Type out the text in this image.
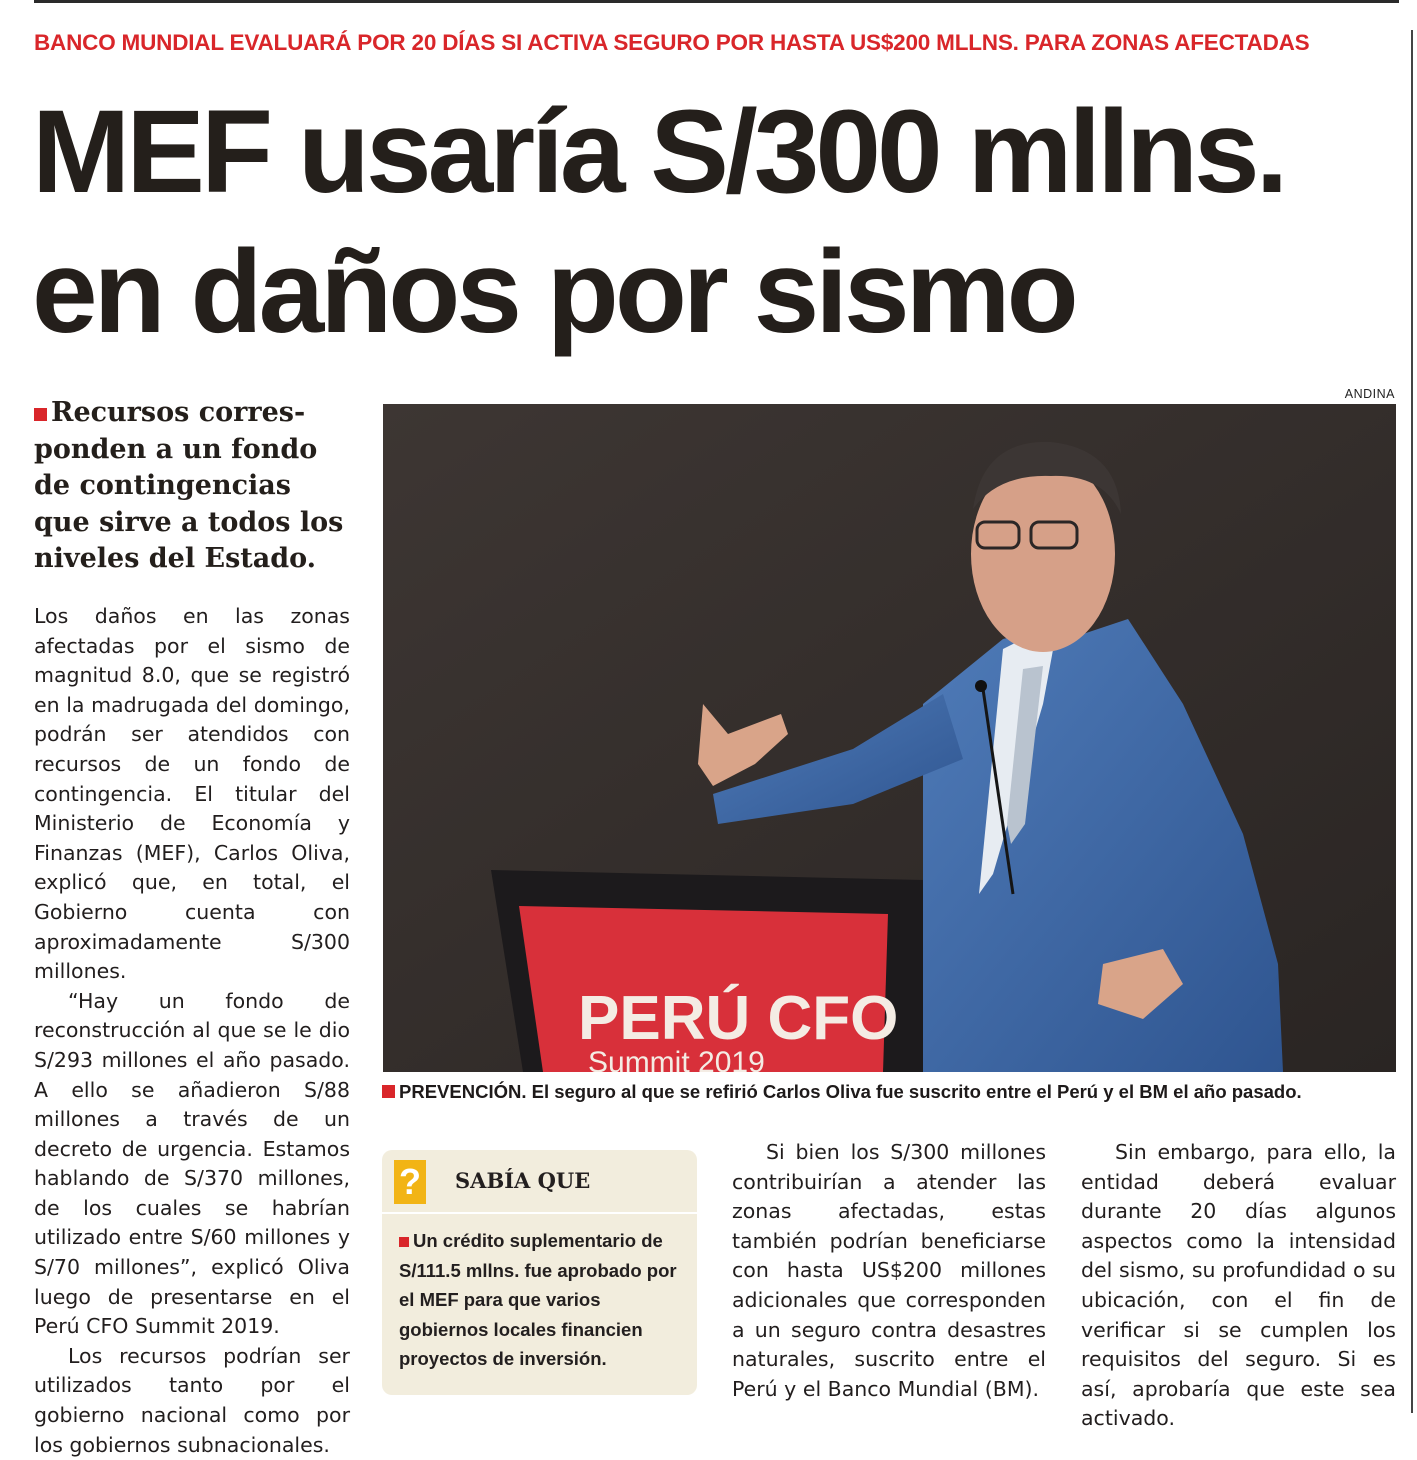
BANCO MUNDIAL EVALUARÁ POR 20 DÍAS SI ACTIVA SEGURO POR HASTA US$200 MLLNS. PARA ZONAS AFECTADAS
MEF usaría S/300 mllns.
en daños por sismo

Recursos corres-

ponden a un fondo

de contingencias

que sirve a todos los

niveles del Estado.

Los daños en las zonas afectadas por el sismo de magnitud 8.0, que se registró en la madrugada del domingo, podrán ser atendidos con recursos de un fondo de contingencia. El titular del Ministerio de Economía y Finanzas (MEF), Carlos Oliva, explicó que, en total, el Gobierno cuenta con aproximadamente S/300 millones.

“Hay un fondo de reconstrucción al que se le dio S/293 millones el año pasado. A ello se añadieron S/88 millones a través de un decreto de urgencia. Estamos hablando de S/370 millones, de los cuales se habrían utilizado entre S/60 millones y S/70 millones”, explicó Oliva luego de presentarse en el Perú CFO Summit 2019.

Los recursos podrían ser utilizados tanto por el gobierno nacional como por los gobiernos subnacionales.

ANDINA
PERÚ CFO
Summit 2019
PREVENCIÓN. El seguro al que se refirió Carlos Oliva fue suscrito entre el Perú y el BM el año pasado.
? SABÍA QUE
Un crédito suplementario de S/111.5 mllns. fue aprobado por el MEF para que varios gobiernos locales financien proyectos de inversión.

Si bien los S/300 millones contribuirían a atender las zonas afectadas, estas también podrían beneficiarse con hasta US$200 millones adicionales que corresponden a un seguro contra desastres naturales, suscrito entre el Perú y el Banco Mundial (BM).

Sin embargo, para ello, la entidad deberá evaluar durante 20 días algunos aspectos como la intensidad del sismo, su profundidad o su ubicación, con el fin de verificar si se cumplen los requisitos del seguro. Si es así, aprobaría que este sea activado.
